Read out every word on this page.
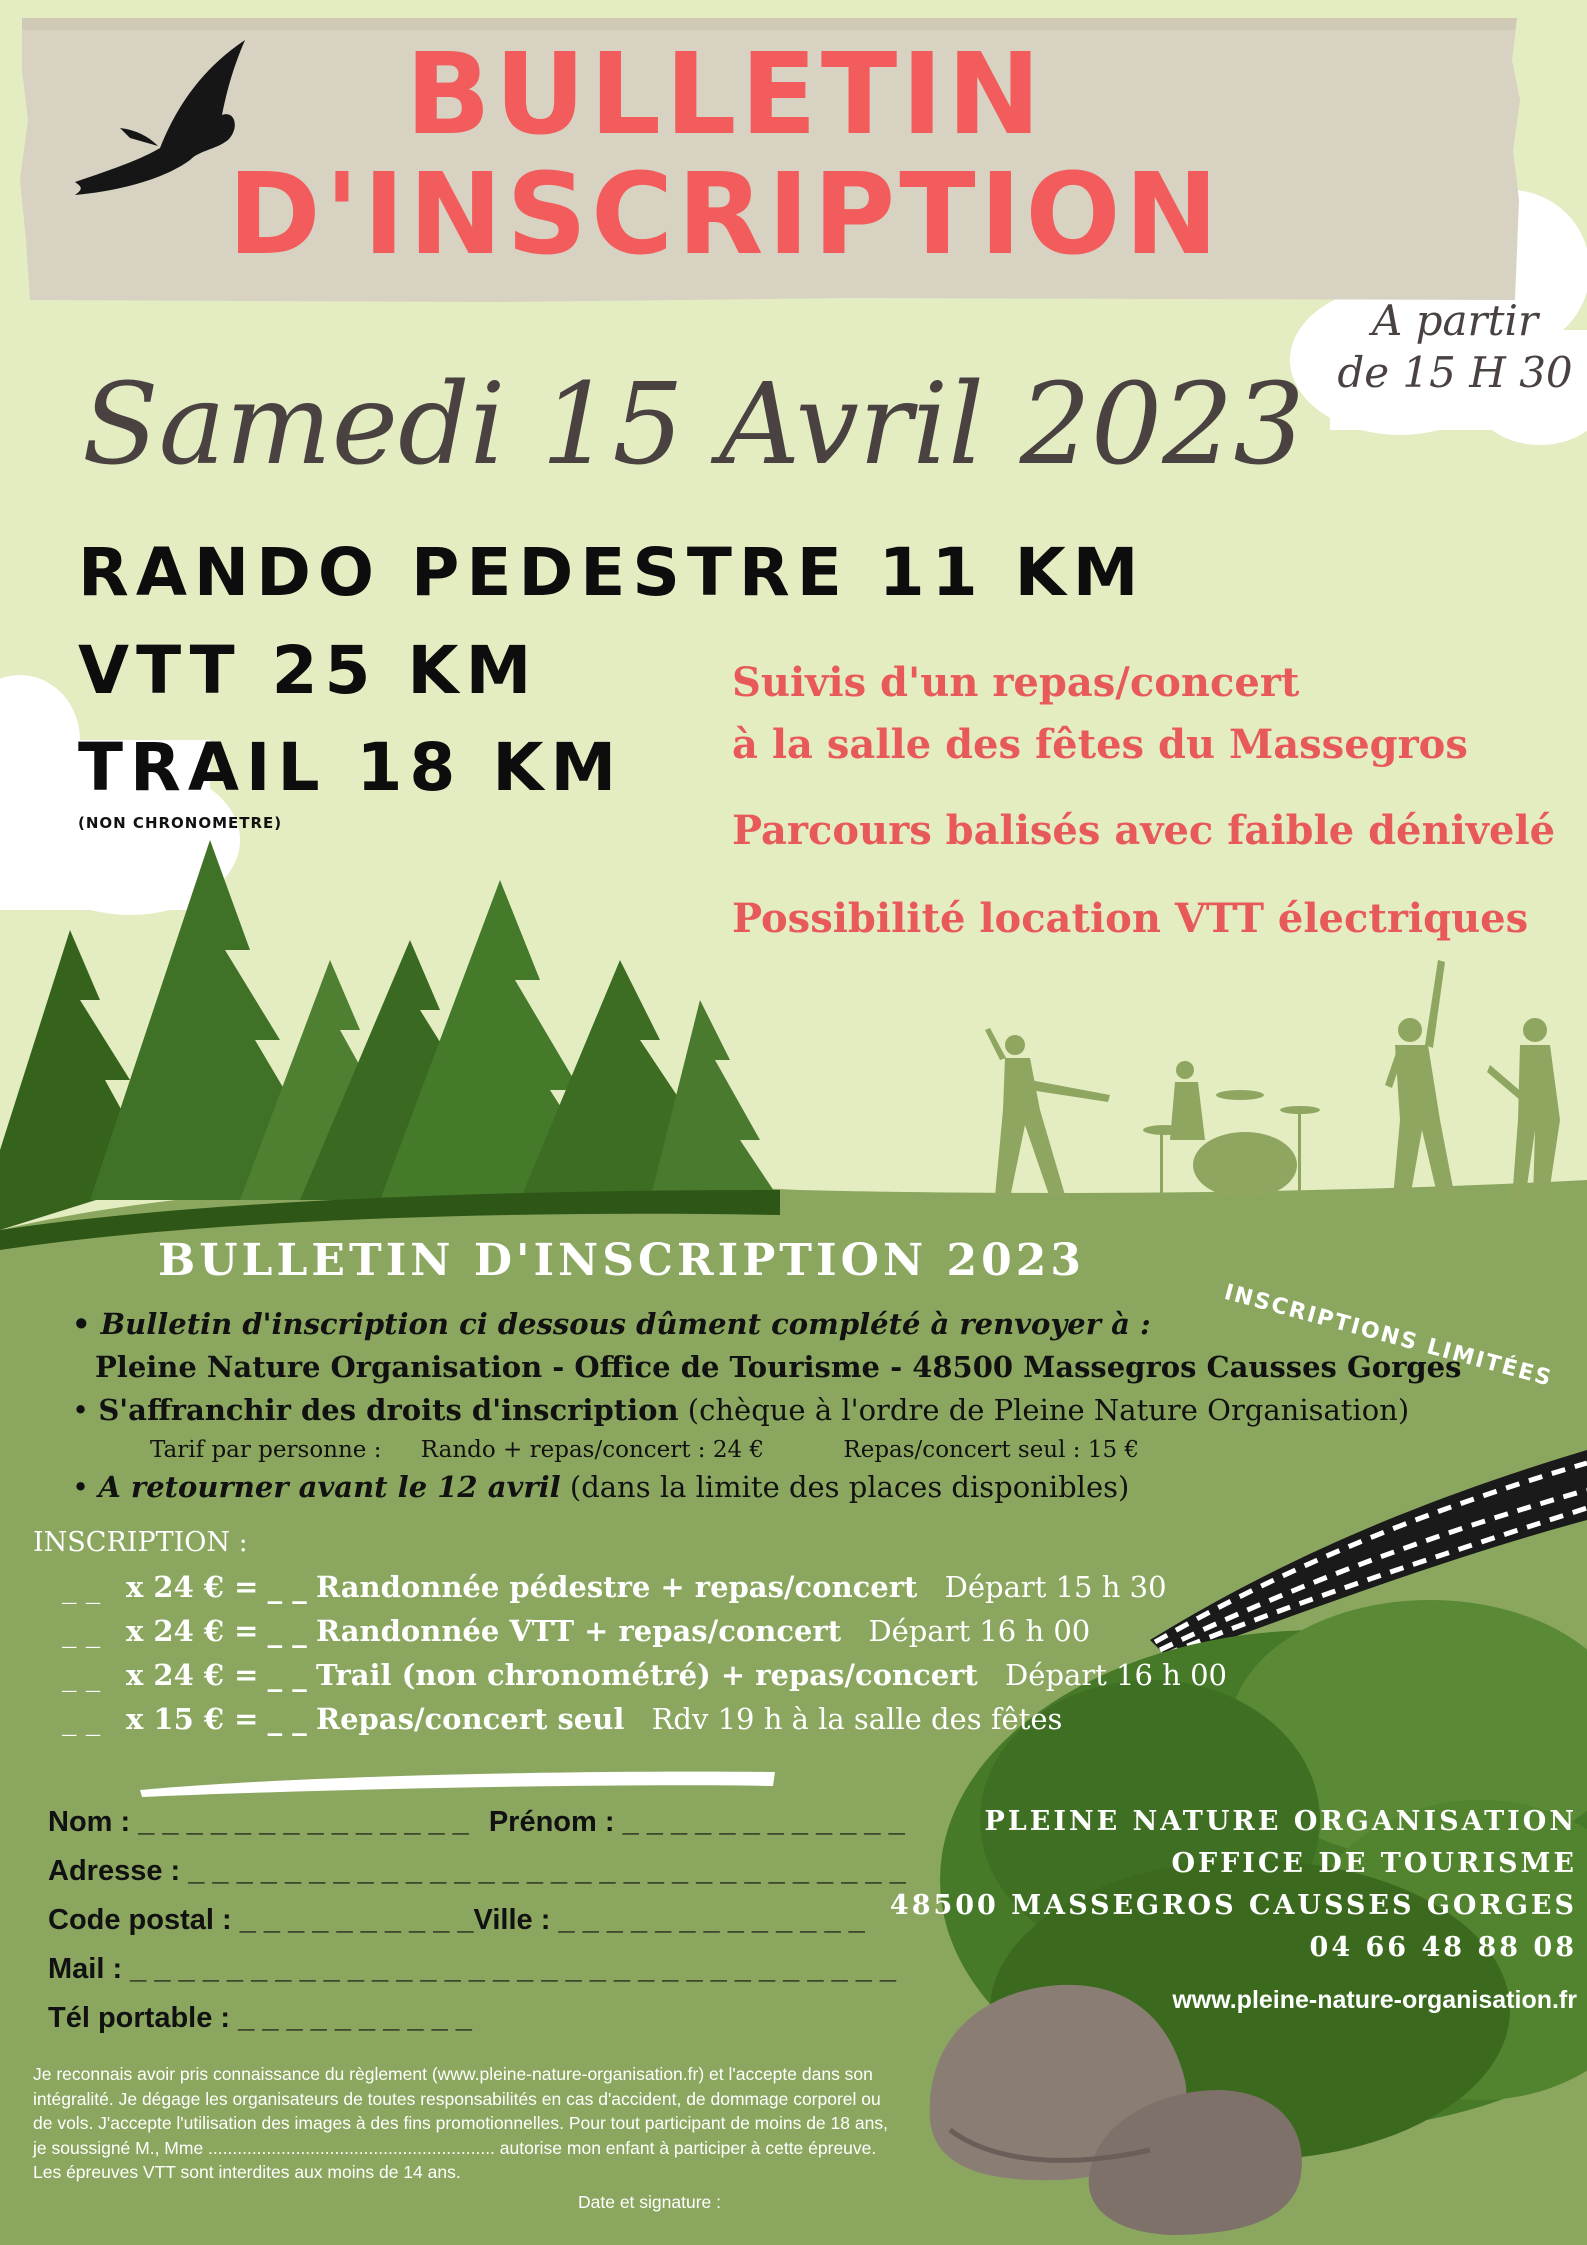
BULLETIN
D'INSCRIPTION
A partir
de 15 H 30
Samedi 15 Avril 2023
RANDO PEDESTRE 11 KM
VTT 25 KM
TRAIL 18 KM
(NON CHRONOMETRE)
Suivis d'un repas/concert
à la salle des fêtes du Massegros
Parcours balisés avec faible dénivelé
Possibilité location VTT électriques
BULLETIN D'INSCRIPTION 2023
INSCRIPTIONS LIMITÉES
• Bulletin d'inscription ci dessous dûment complété à renvoyer à :
Pleine Nature Organisation - Office de Tourisme - 48500 Massegros Causses Gorges
• S'affranchir des droits d'inscription (chèque à l'ordre de Pleine Nature Organisation)
Tarif par personne : Rando + repas/concert : 24 €	Repas/concert seul : 15 €
• A retourner avant le 12 avril (dans la limite des places disponibles)
INSCRIPTION :
_ _ x 24 € = _ _ Randonnée pédestre + repas/concert Départ 15 h 30
_ _ x 24 € = _ _ Randonnée VTT + repas/concert Départ 16 h 00
_ _ x 24 € = _ _ Trail (non chronométré) + repas/concert Départ 16 h 00
_ _ x 15 € = _ _ Repas/concert seul Rdv 19 h à la salle des fêtes
Nom : _ _ _ _ _ _ _ _ _ _ _ _ _ _ Prénom : _ _ _ _ _ _ _ _ _ _ _ _
Adresse : _ _ _ _ _ _ _ _ _ _ _ _ _ _ _ _ _ _ _ _ _ _ _ _ _ _ _ _ _ _
Code postal : _ _ _ _ _ _ _ _ _ _Ville : _ _ _ _ _ _ _ _ _ _ _ _ _
Mail : _ _ _ _ _ _ _ _ _ _ _ _ _ _ _ _ _ _ _ _ _ _ _ _ _ _ _ _ _ _ _ _
Tél portable : _ _ _ _ _ _ _ _ _ _
PLEINE NATURE ORGANISATION
OFFICE DE TOURISME
48500 MASSEGROS CAUSSES GORGES
04 66 48 88 08
www.pleine-nature-organisation.fr
Je reconnais avoir pris connaissance du règlement (www.pleine-nature-organisation.fr) et l'accepte dans son intégralité. Je dégage les organisateurs de toutes responsabilités en cas d'accident, de dommage corporel ou de vols. J'accepte l'utilisation des images à des fins promotionnelles. Pour tout participant de moins de 18 ans, je soussigné M., Mme ........................................................... autorise mon enfant à participer à cette épreuve. Les épreuves VTT sont interdites aux moins de 14 ans.
Date et signature :
